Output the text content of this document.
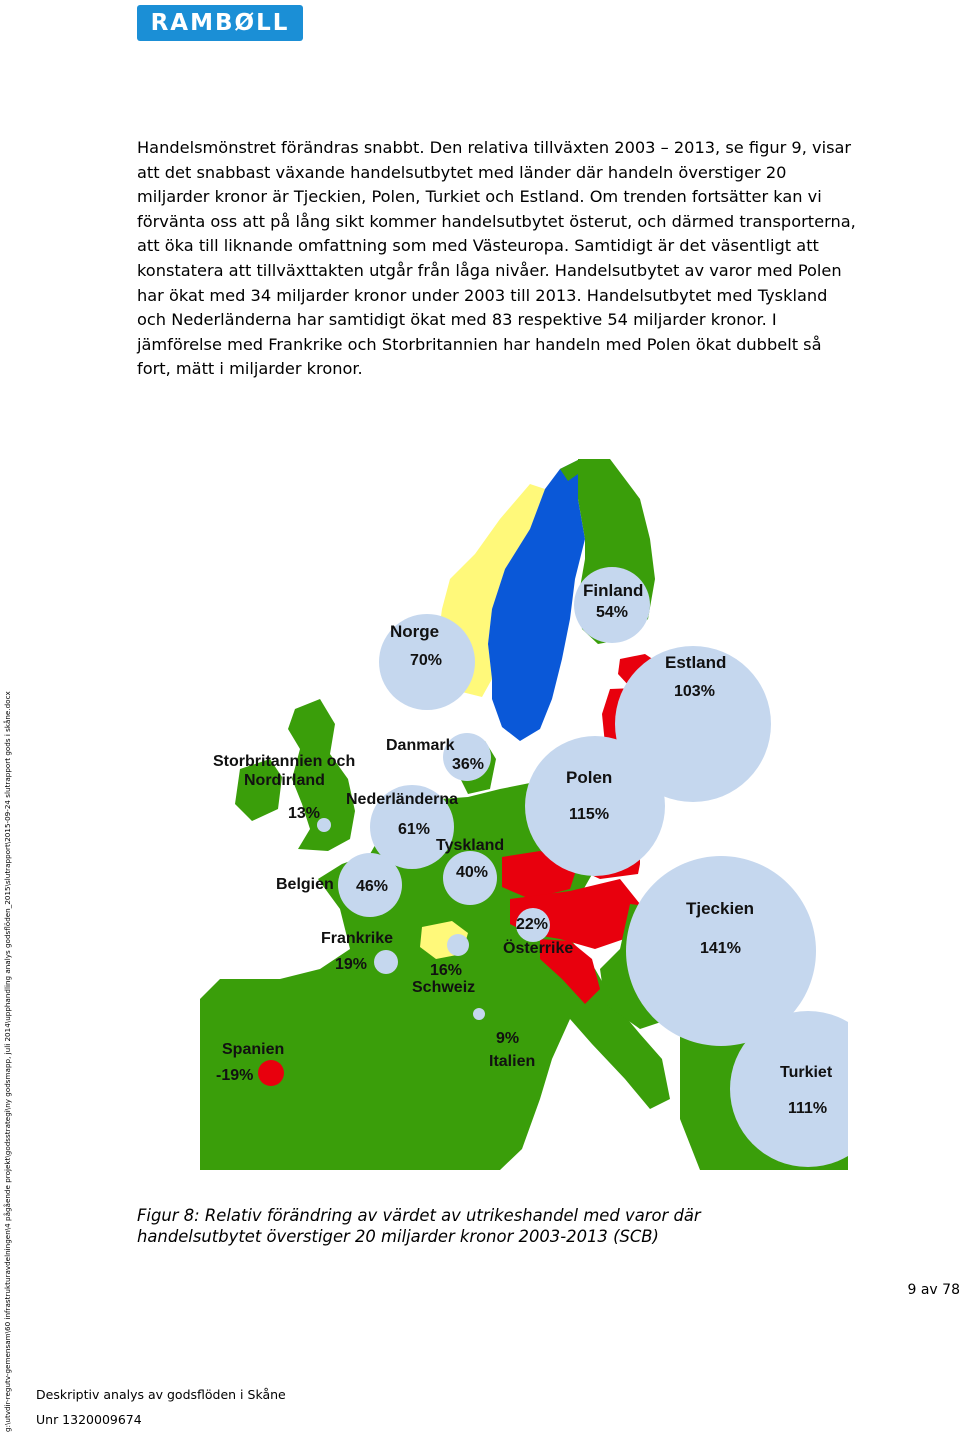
RAMBØLL

Handelsmönstret förändras snabbt. Den relativa tillväxten 2003 – 2013, se figur 9, visar att det snabbast växande handelsutbytet med länder där handeln överstiger 20 miljarder kronor är Tjeckien, Polen, Turkiet och Estland. Om trenden fortsätter kan vi förvänta oss att på lång sikt kommer handelsutbytet österut, och därmed transporterna, att öka till liknande omfattning som med Västeuropa. Samtidigt är det väsentligt att konstatera att tillväxttakten utgår från låga nivåer. Handelsutbytet av varor med Polen har ökat med 34 miljarder kronor under 2003 till 2013. Handelsutbytet med Tyskland och Nederländerna har samtidigt ökat med 83 respektive 54 miljarder kronor. I jämförelse med Frankrike och Storbritannien har handeln med Polen ökat dubbelt så fort, mätt i miljarder kronor.

Norge
70%
Finland
54%
Estland
103%
Danmark
36%
Storbritannien och
Nordirland
13%
Nederländerna
61%
Polen
115%
Belgien 46%
Tyskland
40%
Tjeckien
141%
Frankrike
19%
22%
Österrike
16%
Schweiz
9%
Italien
Spanien
-19%	Turkiet
111%

Figur 8: Relativ förändring av värdet av utrikeshandel med varor där
handelsutbytet överstiger 20 miljarder kronor 2003-2013 (SCB)

9 av 78
g:\utvdir-regutv-gemensam\60 infrastrukturavdelningen\4 pågående projekt\godsstrategi\ny godsmapp, juli 2014\upphandling analys godsflöden_2015\slutrapport\2015-09-24 slutrapport gods i skåne.docx Deskriptiv analys av godsflöden i Skåne
Unr 1320009674
